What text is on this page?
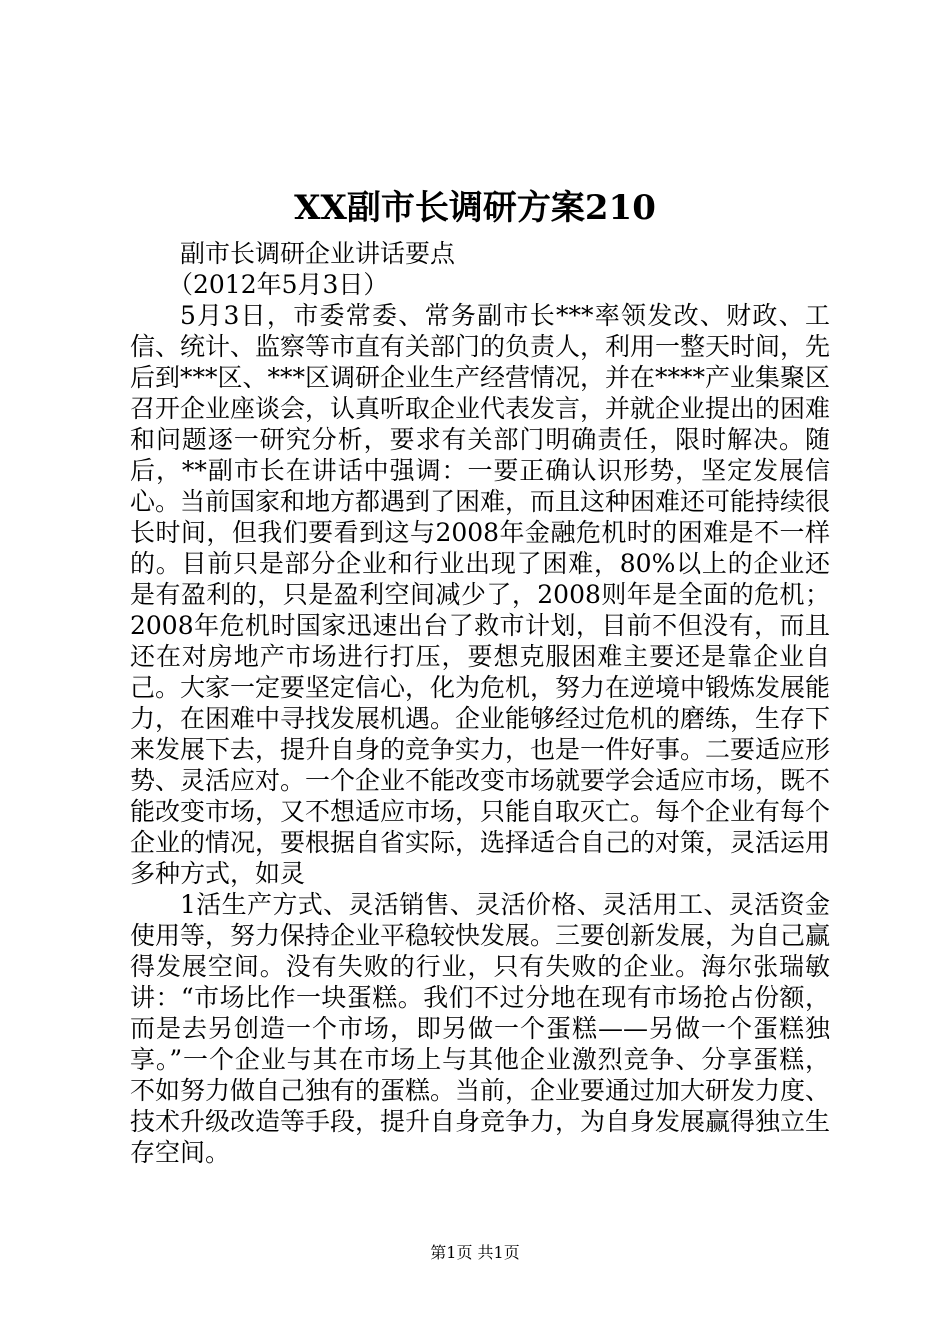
XX副市长调研方案210

副市长调研企业讲话要点

（2012年5月3日）

5月3日，市委常委、常务副市长***率领发改、财政、工信、统计、监察等市直有关部门的负责人，利用一整天时间，先后到***区、***区调研企业生产经营情况，并在****产业集聚区召开企业座谈会，认真听取企业代表发言，并就企业提出的困难和问题逐一研究分析，要求有关部门明确责任，限时解决。随后，**副市长在讲话中强调：一要正确认识形势，坚定发展信心。当前国家和地方都遇到了困难，而且这种困难还可能持续很长时间，但我们要看到这与2008年金融危机时的困难是不一样的。目前只是部分企业和行业出现了困难，80%以上的企业还是有盈利的，只是盈利空间减少了，2008则年是全面的危机；2008年危机时国家迅速出台了救市计划，目前不但没有，而且还在对房地产市场进行打压，要想克服困难主要还是靠企业自己。大家一定要坚定信心，化为危机，努力在逆境中锻炼发展能力，在困难中寻找发展机遇。企业能够经过危机的磨练，生存下来发展下去，提升自身的竞争实力，也是一件好事。二要适应形势、灵活应对。一个企业不能改变市场就要学会适应市场，既不能改变市场，又不想适应市场，只能自取灭亡。每个企业有每个企业的情况，要根据自省实际，选择适合自己的对策，灵活运用多种方式，如灵

1活生产方式、灵活销售、灵活价格、灵活用工、灵活资金使用等，努力保持企业平稳较快发展。三要创新发展，为自己赢得发展空间。没有失败的行业，只有失败的企业。海尔张瑞敏讲：“市场比作一块蛋糕。我们不过分地在现有市场抢占份额，而是去另创造一个市场，即另做一个蛋糕——另做一个蛋糕独享。”一个企业与其在市场上与其他企业激烈竞争、分享蛋糕，不如努力做自己独有的蛋糕。当前，企业要通过加大研发力度、技术升级改造等手段，提升自身竞争力，为自身发展赢得独立生存空间。

第1页 共1页
